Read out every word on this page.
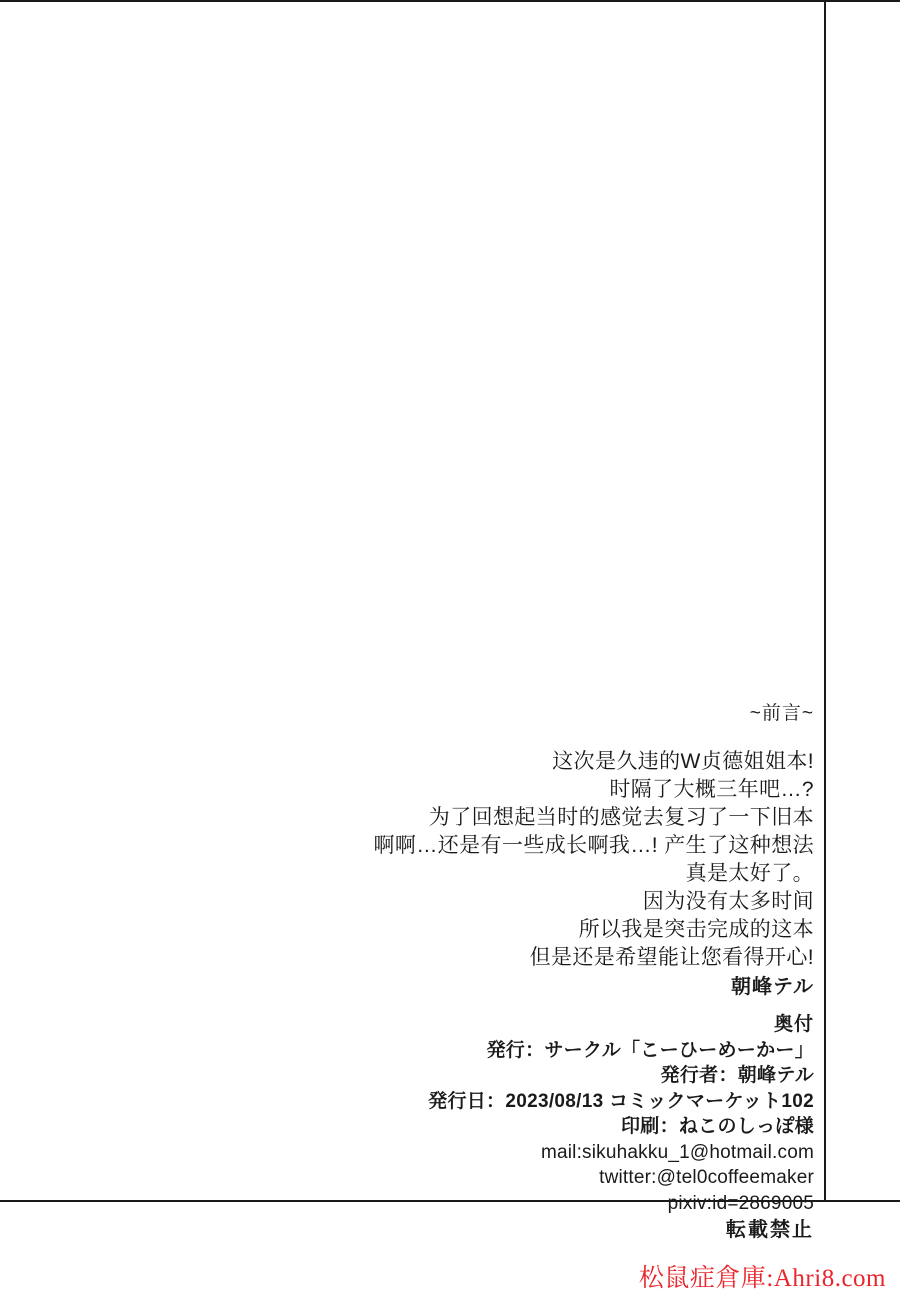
~前言~
这次是久违的W贞德姐姐本!
时隔了大概三年吧…?
为了回想起当时的感觉去复习了一下旧本
啊啊…还是有一些成长啊我…! 产生了这种想法
真是太好了。
因为没有太多时间
所以我是突击完成的这本
但是还是希望能让您看得开心!
朝峰テル
奥付
発行：サークル「こーひーめーかー」
発行者：朝峰テル
発行日：2023/08/13 コミックマーケット102
印刷：ねこのしっぽ様
mail:sikuhakku_1@hotmail.com
twitter:@tel0coffeemaker
pixiv:id=2869005
転載禁止
松鼠症倉庫:Ahri8.com
